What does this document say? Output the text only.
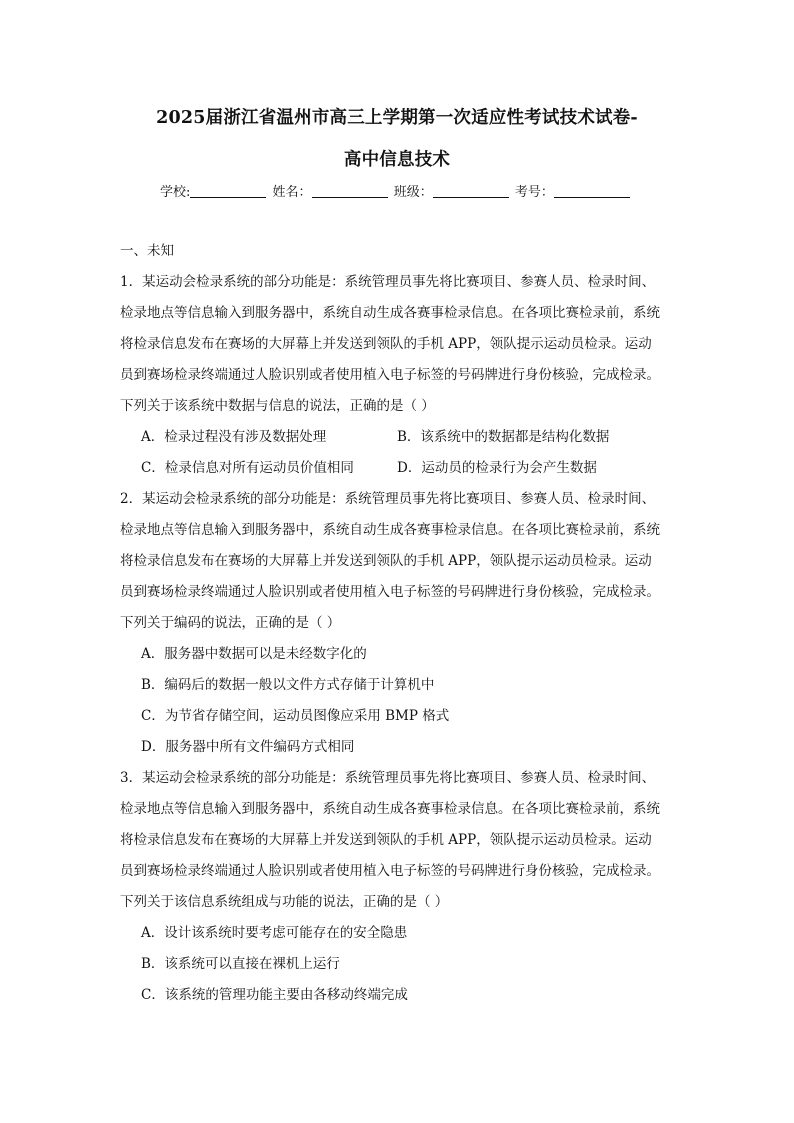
2025届浙江省温州市高三上学期第一次适应性考试技术试卷-
高中信息技术
学校:	姓名：	班级：	考号：
一、未知
1．某运动会检录系统的部分功能是：系统管理员事先将比赛项目、参赛人员、检录时间、
检录地点等信息输入到服务器中，系统自动生成各赛事检录信息。在各项比赛检录前，系统
将检录信息发布在赛场的大屏幕上并发送到领队的手机 APP，领队提示运动员检录。运动
员到赛场检录终端通过人脸识别或者使用植入电子标签的号码牌进行身份核验，完成检录。
下列关于该系统中数据与信息的说法，正确的是（ ）
A．检录过程没有涉及数据处理	B．该系统中的数据都是结构化数据
C．检录信息对所有运动员价值相同	D．运动员的检录行为会产生数据
2．某运动会检录系统的部分功能是：系统管理员事先将比赛项目、参赛人员、检录时间、
检录地点等信息输入到服务器中，系统自动生成各赛事检录信息。在各项比赛检录前，系统
将检录信息发布在赛场的大屏幕上并发送到领队的手机 APP，领队提示运动员检录。运动
员到赛场检录终端通过人脸识别或者使用植入电子标签的号码牌进行身份核验，完成检录。
下列关于编码的说法，正确的是（ ）
A．服务器中数据可以是未经数字化的
B．编码后的数据一般以文件方式存储于计算机中
C．为节省存储空间，运动员图像应采用 BMP 格式
D．服务器中所有文件编码方式相同
3．某运动会检录系统的部分功能是：系统管理员事先将比赛项目、参赛人员、检录时间、
检录地点等信息输入到服务器中，系统自动生成各赛事检录信息。在各项比赛检录前，系统
将检录信息发布在赛场的大屏幕上并发送到领队的手机 APP，领队提示运动员检录。运动
员到赛场检录终端通过人脸识别或者使用植入电子标签的号码牌进行身份核验，完成检录。
下列关于该信息系统组成与功能的说法，正确的是（ ）
A．设计该系统时要考虑可能存在的安全隐患
B．该系统可以直接在裸机上运行
C．该系统的管理功能主要由各移动终端完成
